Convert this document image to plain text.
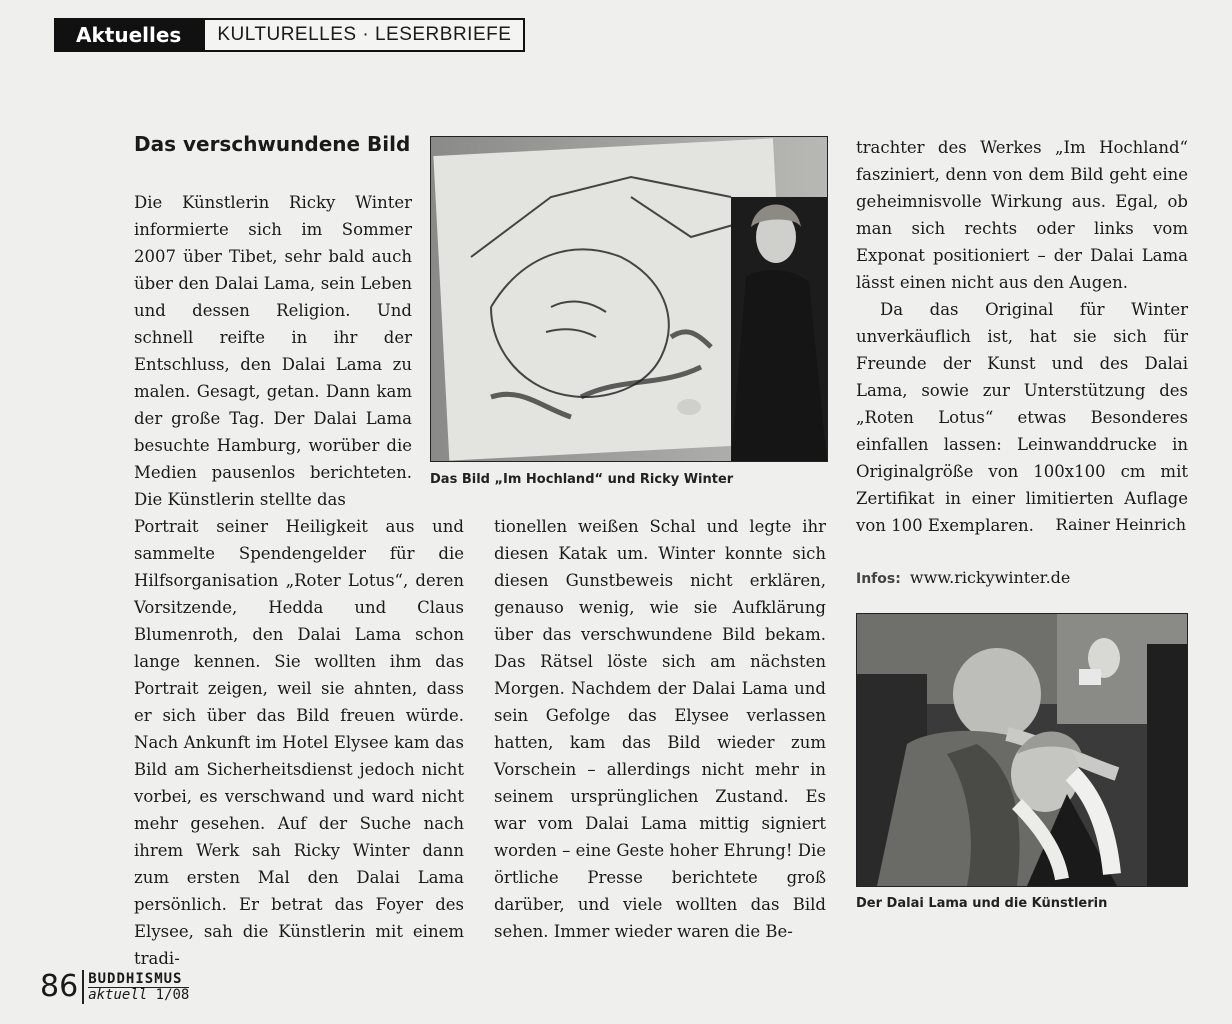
Aktuelles	KULTURELLES · LESERBRIEFE
Das verschwundene Bild

Die Künstlerin Ricky Winter informierte sich im Sommer 2007 über Tibet, sehr bald auch über den Dalai Lama, sein Leben und dessen Religion. Und schnell reifte in ihr der Entschluss, den Dalai Lama zu malen. Gesagt, getan. Dann kam der große Tag. Der Dalai Lama besuchte Hamburg, worüber die Medien pausenlos berichteten. Die Künstlerin stellte das

Portrait seiner Heiligkeit aus und sammelte Spendengelder für die Hilfsorganisation „Roter Lotus“, deren Vorsitzende, Hedda und Claus Blumenroth, den Dalai Lama schon lange kennen. Sie wollten ihm das Portrait zeigen, weil sie ahnten, dass er sich über das Bild freuen würde. Nach Ankunft im Hotel Elysee kam das Bild am Sicherheitsdienst jedoch nicht vorbei, es verschwand und ward nicht mehr gesehen. Auf der Suche nach ihrem Werk sah Ricky Winter dann zum ersten Mal den Dalai Lama persönlich. Er betrat das Foyer des Elysee, sah die Künstlerin mit einem tradi-

tionellen weißen Schal und legte ihr diesen Katak um. Winter konnte sich diesen Gunstbeweis nicht erklären, genauso wenig, wie sie Aufklärung über das verschwundene Bild bekam. Das Rätsel löste sich am nächsten Morgen. Nachdem der Dalai Lama und sein Gefolge das Elysee verlassen hatten, kam das Bild wieder zum Vorschein – allerdings nicht mehr in seinem ursprünglichen Zustand. Es war vom Dalai Lama mittig signiert worden – eine Geste hoher Ehrung! Die örtliche Presse berichtete groß darüber, und viele wollten das Bild sehen. Immer wieder waren die Be-

trachter des Werkes „Im Hochland“ fasziniert, denn von dem Bild geht eine geheimnisvolle Wirkung aus. Egal, ob man sich rechts oder links vom Exponat positioniert – der Dalai Lama lässt einen nicht aus den Augen.

Da das Original für Winter unverkäuflich ist, hat sie sich für Freunde der Kunst und des Dalai Lama, sowie zur Unterstützung des „Roten Lotus“ etwas Besonderes einfallen lassen: Leinwanddrucke in Originalgröße von 100x100 cm mit Zertifikat in einer limitierten Auflage von 100 Exemplaren.	Rainer Heinrich
Infos: www.rickywinter.de
Das Bild „Im Hochland“ und Ricky Winter
Der Dalai Lama und die Künstlerin
86 BUDDHISMUS
aktuell 1/08
